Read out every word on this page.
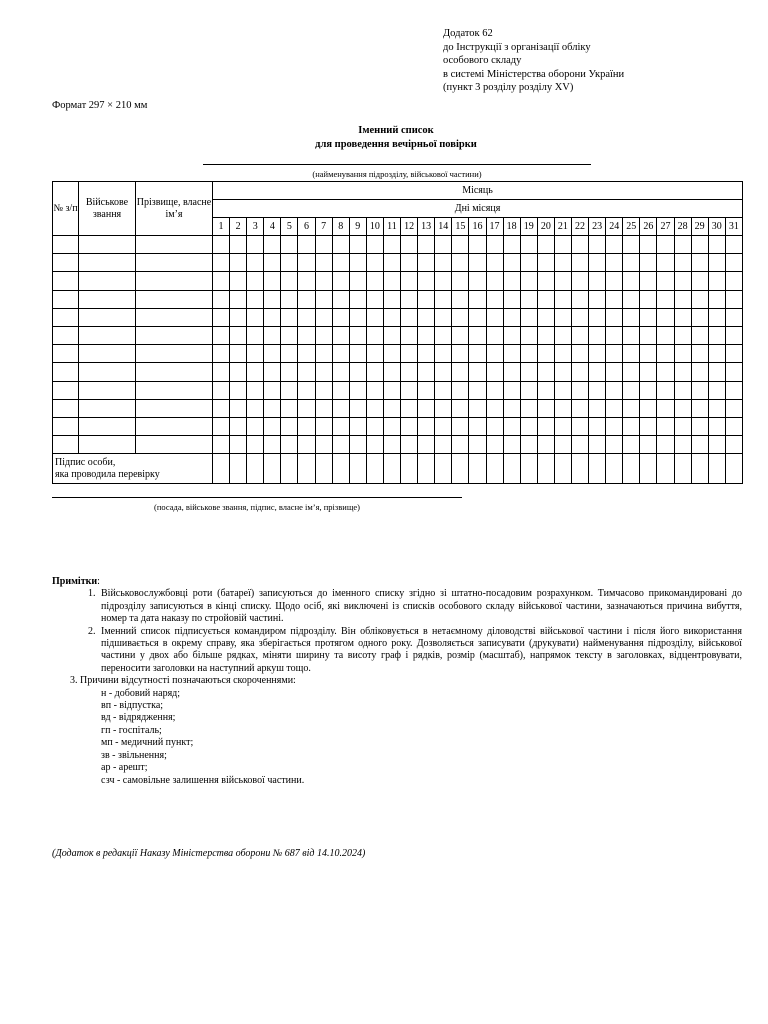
Додаток 62
до Інструкції з організації обліку
особового складу
в системі Міністерства оборони України
(пункт 3 розділу розділу XV)
Формат 297 × 210 мм
Іменний список
для проведення вечірньої повірки
(найменування підрозділу, військової частини)
№ з/п	Військове звання	Прізвище, власне ім’я	Місяць																														
			Дні місяця																														
			1	2	3	4	5	6	7	8	9	10	11	12	13	14	15	16	17	18	19	20	21	22	23	24	25	26	27	28	29	30	31

Підпис особи,
яка проводила перевірку																																	

(посада, військове звання, підпис, власне ім’я, прізвище)
Примітки:
1. Військовослужбовці роти (батареї) записуються до іменного списку згідно зі штатно-посадовим розрахунком. Тимчасово прикомандировані до підрозділу записуються в кінці списку. Щодо осіб, які виключені із списків особового складу військової частини, зазначаються причина вибуття, номер та дата наказу по стройовій частині.
2. Іменний список підписується командиром підрозділу. Він обліковується в нетаємному діловодстві військової частини і після його використання підшивається в окрему справу, яка зберігається протягом одного року. Дозволяється записувати (друкувати) найменування підрозділу, військової частини у двох або більше рядках, міняти ширину та висоту граф і рядків, розмір (масштаб), напрямок тексту в заголовках, відцентровувати, переносити заголовки на наступний аркуш тощо.
3. Причини відсутності позначаються скороченнями:
н - добовий наряд;
вп - відпустка;
вд - відрядження;
гп - госпіталь;
мп - медичний пункт;
зв - звільнення;
ар - арешт;
сзч - самовільне залишення військової частини.
(Додаток в редакції Наказу Міністерства оборони № 687 від 14.10.2024)
